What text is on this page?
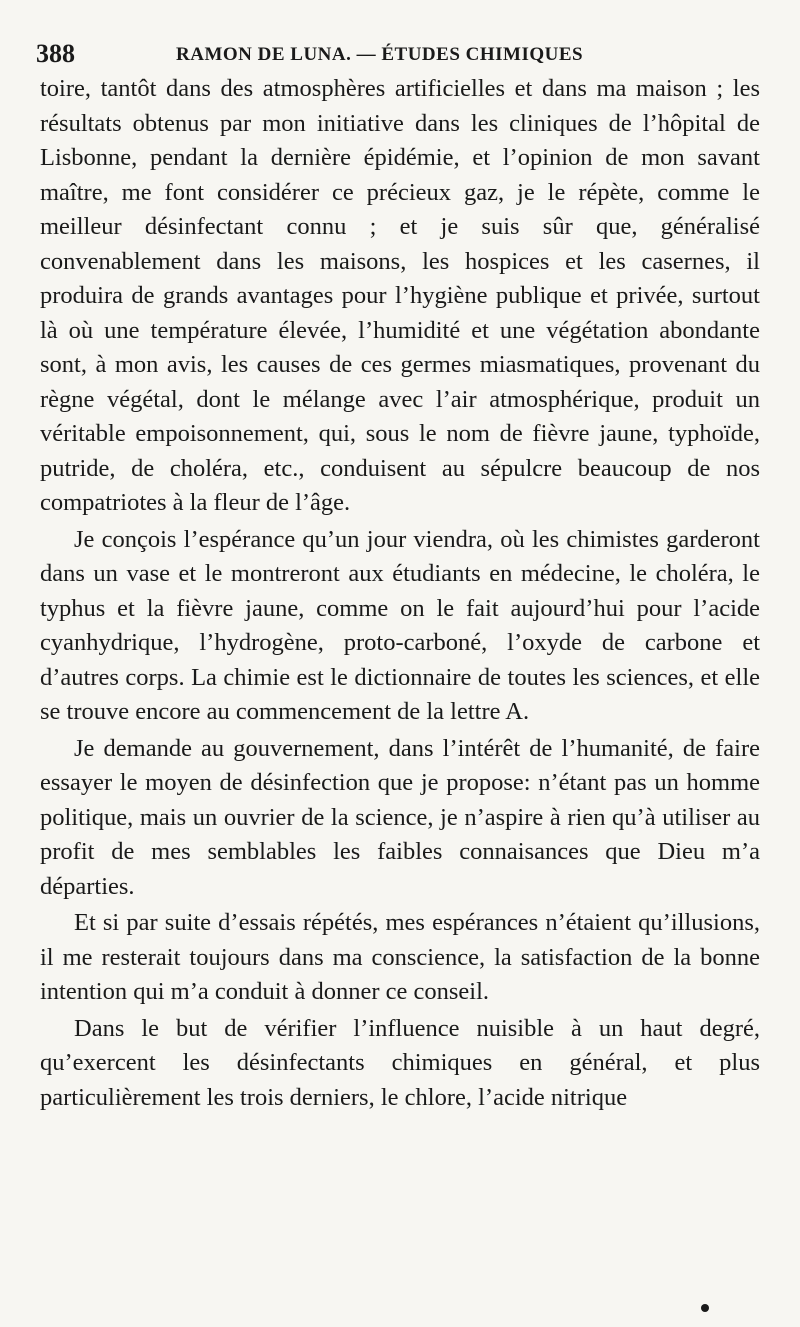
388	RAMON DE LUNA. — ÉTUDES CHIMIQUES

toire, tantôt dans des atmosphères artificielles et dans ma maison ; les résultats obtenus par mon initiative dans les cliniques de l’hôpital de Lisbonne, pendant la dernière épidémie, et l’opinion de mon savant maître, me font considérer ce précieux gaz, je le répète, comme le meilleur désinfectant connu ; et je suis sûr que, généralisé convenablement dans les maisons, les hospices et les casernes, il produira de grands avantages pour l’hygiène publique et privée, surtout là où une température élevée, l’humidité et une végétation abondante sont, à mon avis, les causes de ces germes miasmatiques, provenant du règne végétal, dont le mélange avec l’air atmosphérique, produit un véritable empoisonnement, qui, sous le nom de fièvre jaune, typhoïde, putride, de choléra, etc., conduisent au sépulcre beaucoup de nos compatriotes à la fleur de l’âge.

Je conçois l’espérance qu’un jour viendra, où les chimistes garderont dans un vase et le montreront aux étudiants en médecine, le choléra, le typhus et la fièvre jaune, comme on le fait aujourd’hui pour l’acide cyanhydrique, l’hydrogène, proto-carboné, l’oxyde de carbone et d’autres corps. La chimie est le dictionnaire de toutes les sciences, et elle se trouve encore au commencement de la lettre A.

Je demande au gouvernement, dans l’intérêt de l’humanité, de faire essayer le moyen de désinfection que je propose: n’étant pas un homme politique, mais un ouvrier de la science, je n’aspire à rien qu’à utiliser au profit de mes semblables les faibles connaisances que Dieu m’a départies.

Et si par suite d’essais répétés, mes espérances n’étaient qu’illusions, il me resterait toujours dans ma conscience, la satisfaction de la bonne intention qui m’a conduit à donner ce conseil.

Dans le but de vérifier l’influence nuisible à un haut degré, qu’exercent les désinfectants chimiques en général, et plus particulièrement les trois derniers, le chlore, l’acide nitrique
